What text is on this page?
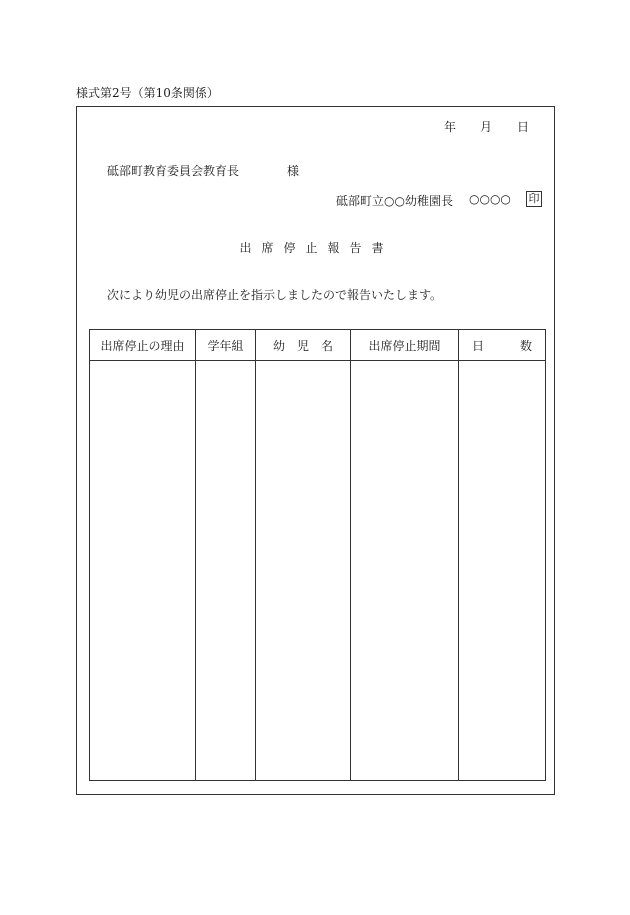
様式第2号（第10条関係）
年 月 日
砥部町教育委員会教育長	様
砥部町立○○幼稚園長 ○○○○ 印
出席停止報告書
次により幼児の出席停止を指示しましたので報告いたします。
出席停止の理由	学年組	幼　児　名	出席停止期間	日　　　数
